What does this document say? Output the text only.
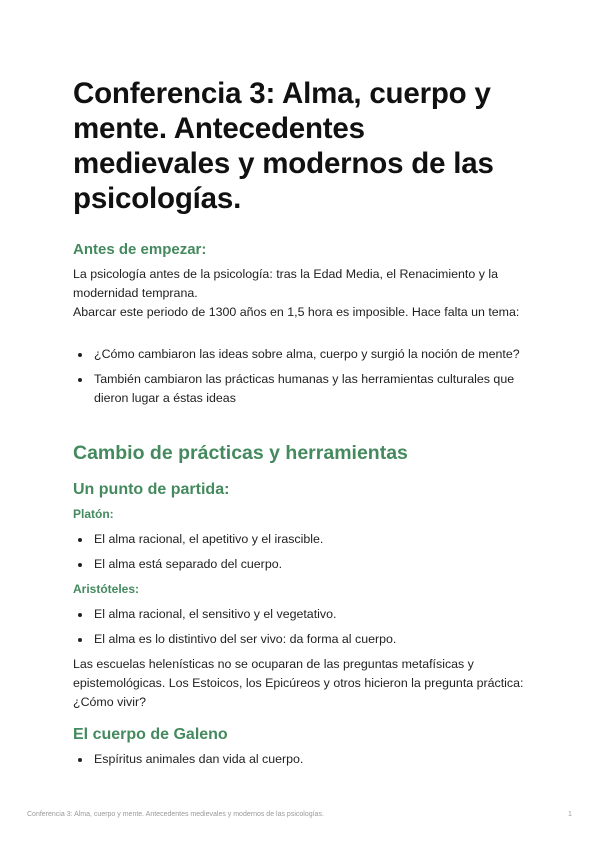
Conferencia 3: Alma, cuerpo y mente. Antecedentes medievales y modernos de las psicologías.
Antes de empezar:
La psicología antes de la psicología: tras la Edad Media, el Renacimiento y la modernidad temprana.
Abarcar este periodo de 1300 años en 1,5 hora es imposible. Hace falta un tema:
¿Cómo cambiaron las ideas sobre alma, cuerpo y surgió la noción de mente?
También cambiaron las prácticas humanas y las herramientas culturales que dieron lugar a éstas ideas
Cambio de prácticas y herramientas
Un punto de partida:
Platón:
El alma racional, el apetitivo y el irascible.
El alma está separado del cuerpo.
Aristóteles:
El alma racional, el sensitivo y el vegetativo.
El alma es lo distintivo del ser vivo: da forma al cuerpo.
Las escuelas helenísticas no se ocuparan de las preguntas metafísicas y epistemológicas. Los Estoicos, los Epicúreos y otros hicieron la pregunta práctica: ¿Cómo vivir?
El cuerpo de Galeno
Espíritus animales dan vida al cuerpo.
Conferencia 3: Alma, cuerpo y mente. Antecedentes medievales y modernos de las psicologías.	1
